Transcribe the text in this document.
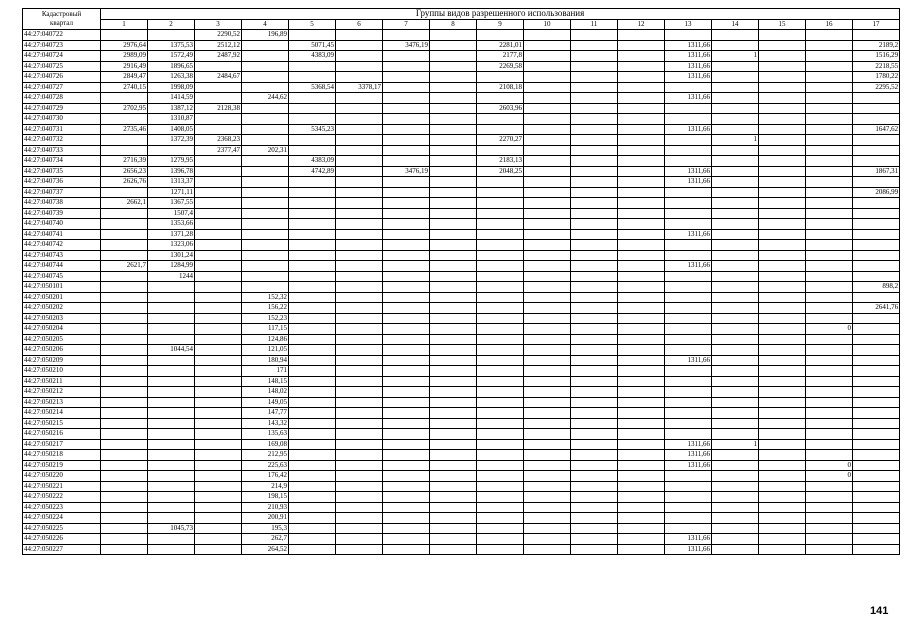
Кадастровый
квартал	Группы видов разрешенного использования																
	1	2	3	4	5	6	7	8	9	10	11	12	13	14	15	16	17
44:27:040722			2290,52	196,89													
44:27:040723	2976,64	1375,53	2512,12		5071,45		3476,19		2281,01				1311,66				2189,2
44:27:040724	2989,09	1572,49	2487,92		4383,09				2177,8				1311,66	1			1516,29
44:27:040725	2916,49	1896,65							2269,58				1311,66				2218,55
44:27:040726	2849,47	1263,38	2484,67										1311,66				1780,22
44:27:040727	2740,15	1998,09			5368,54	3378,17			2108,18								2295,52
44:27:040728		1414,59		244,62									1311,66				
44:27:040729	2702,95	1387,12	2128,38						2603,96								
44:27:040730		1310,87															
44:27:040731	2735,46	1408,05			5345,23								1311,66				1647,62
44:27:040732		1372,39	2368,23						2270,27					1			
44:27:040733			2377,47	202,31													
44:27:040734	2716,39	1279,95			4383,09				2183,13								
44:27:040735	2656,23	1396,78			4742,89		3476,19		2048,25				1311,66				1867,31
44:27:040736	2626,76	1313,37											1311,66				
44:27:040737		1271,11															2086,99
44:27:040738	2662,1	1367,55															
44:27:040739		1507,4															
44:27:040740		1353,66															
44:27:040741		1371,28											1311,66				
44:27:040742		1323,06															
44:27:040743		1301,24															
44:27:040744	2621,7	1284,99											1311,66				
44:27:040745		1244															
44:27:050101																	898,2
44:27:050201				152,32													
44:27:050202				156,22													2641,76
44:27:050203				152,23													
44:27:050204				117,15												0	
44:27:050205				124,86													
44:27:050206		1044,54		121,05													
44:27:050209				180,94									1311,66				
44:27:050210				171													
44:27:050211				148,15													
44:27:050212				148,02													
44:27:050213				149,05													
44:27:050214				147,77													
44:27:050215				143,32													
44:27:050216				135,63													
44:27:050217				169,08									1311,66	1			
44:27:050218				212,95									1311,66				
44:27:050219				225,63									1311,66			0	
44:27:050220				176,42												0	
44:27:050221				214,9													
44:27:050222				198,15													
44:27:050223				210,93													
44:27:050224				200,91													
44:27:050225		1045,73		195,3													
44:27:050226				262,7									1311,66				
44:27:050227				264,52									1311,66				
141
